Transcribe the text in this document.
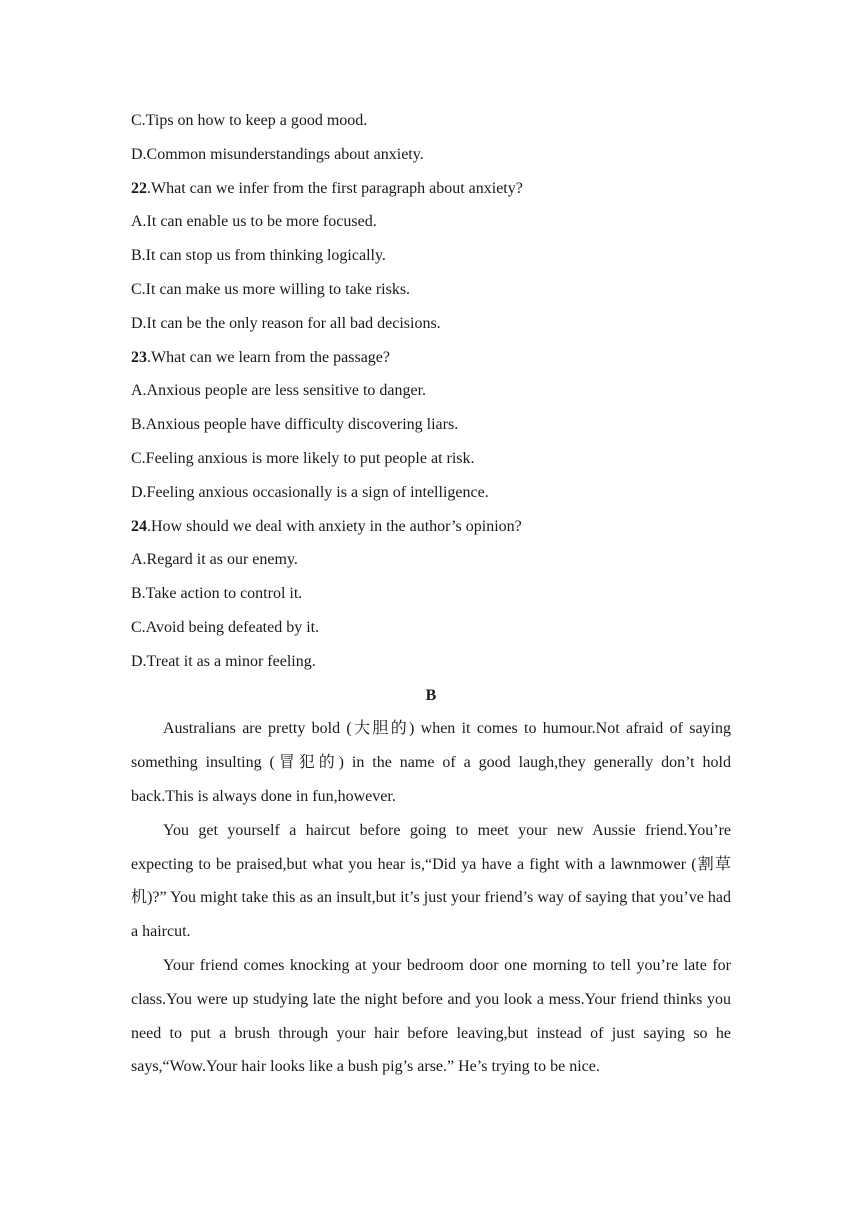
C.Tips on how to keep a good mood.
D.Common misunderstandings about anxiety.
22.What can we infer from the first paragraph about anxiety?
A.It can enable us to be more focused.
B.It can stop us from thinking logically.
C.It can make us more willing to take risks.
D.It can be the only reason for all bad decisions.
23.What can we learn from the passage?
A.Anxious people are less sensitive to danger.
B.Anxious people have difficulty discovering liars.
C.Feeling anxious is more likely to put people at risk.
D.Feeling anxious occasionally is a sign of intelligence.
24.How should we deal with anxiety in the author’s opinion?
A.Regard it as our enemy.
B.Take action to control it.
C.Avoid being defeated by it.
D.Treat it as a minor feeling.
B

Australians are pretty bold (大胆的) when it comes to humour.Not afraid of saying something insulting (冒犯的) in the name of a good laugh,they generally don’t hold back.This is always done in fun,however.

You get yourself a haircut before going to meet your new Aussie friend.You’re expecting to be praised,but what you hear is,“Did ya have a fight with a lawnmower (割草机)?” You might take this as an insult,but it’s just your friend’s way of saying that you’ve had a haircut.

Your friend comes knocking at your bedroom door one morning to tell you’re late for class.You were up studying late the night before and you look a mess.Your friend thinks you need to put a brush through your hair before leaving,but instead of just saying so he says,“Wow.Your hair looks like a bush pig’s arse.” He’s trying to be nice.
